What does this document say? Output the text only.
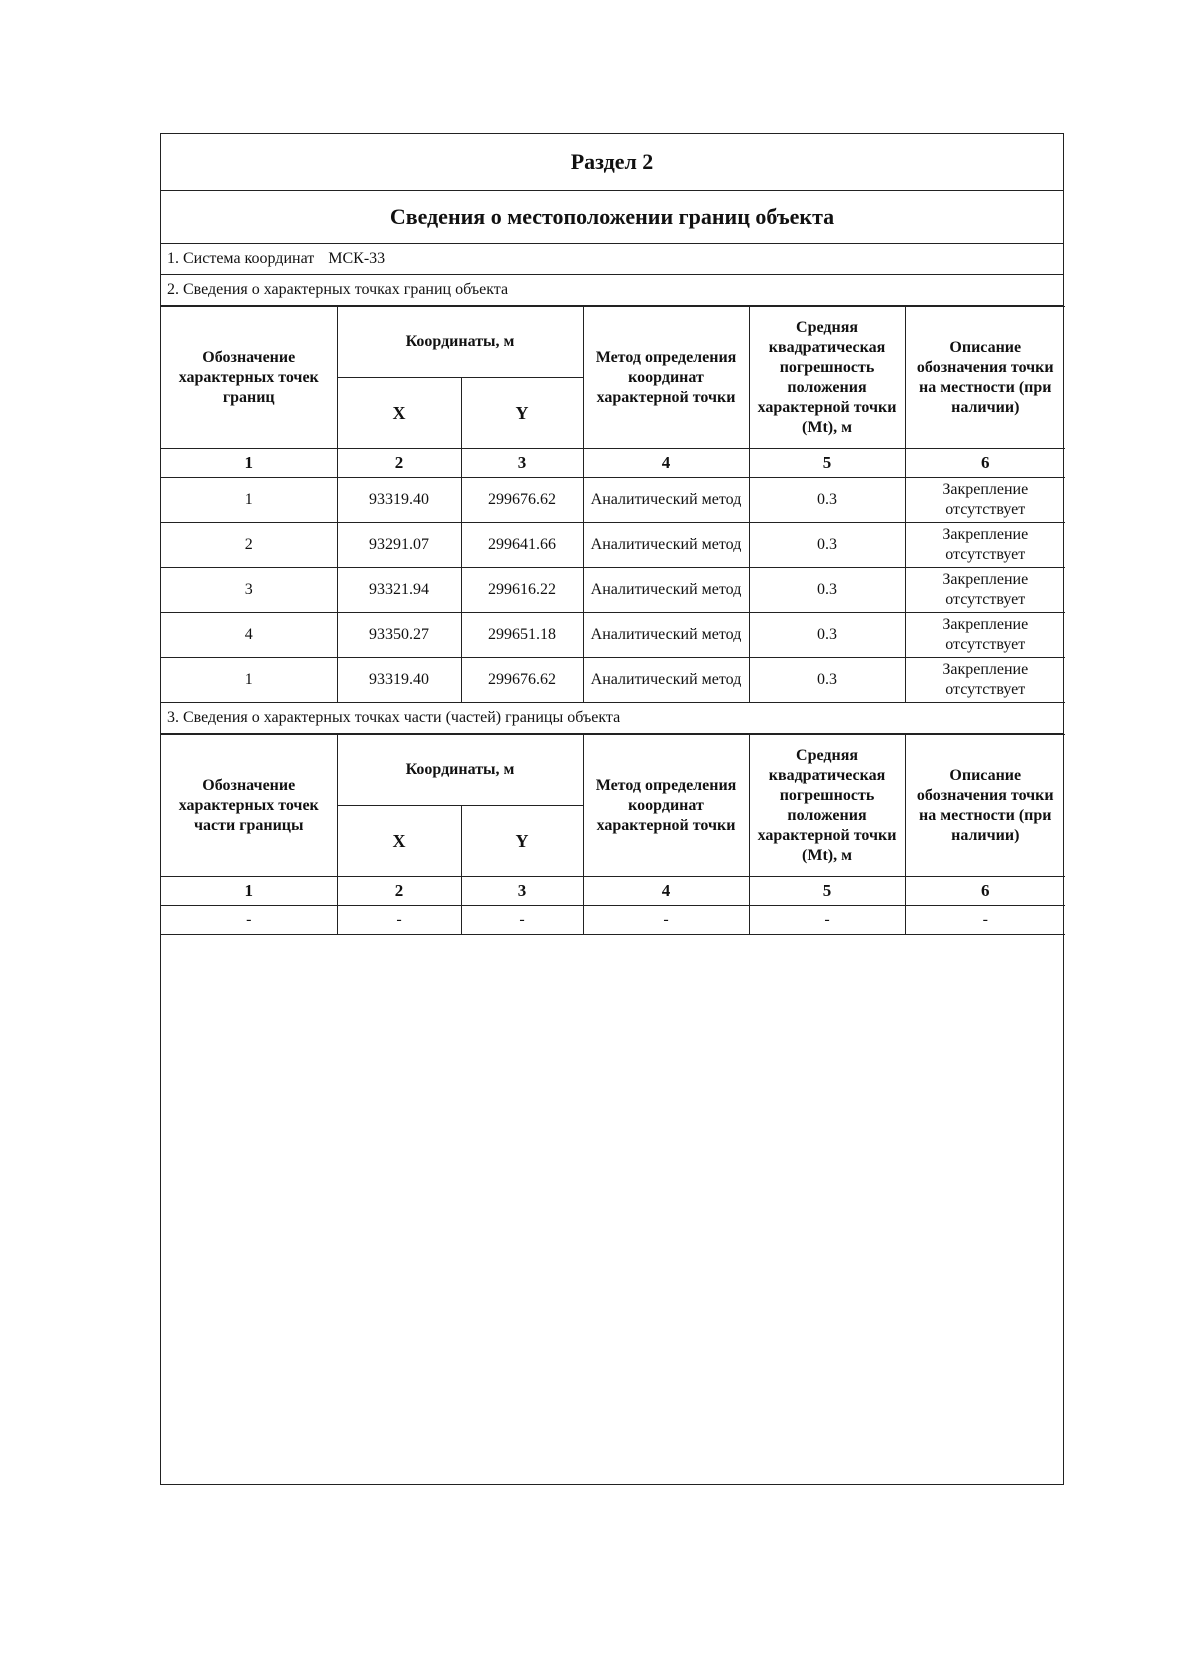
Раздел 2
Сведения о местоположении границ объекта
1. Система координат МСК-33
2. Сведения о характерных точках границ объекта
Обозначение характерных точек границ	Координаты, м		Метод определения координат характерной точки	Средняя квадратическая погрешность положения характерной точки (Mt), м	Описание обозначения точки на местности (при наличии)
	X	Y			
1	2	3	4	5	6
1	93319.40	299676.62	Аналитический метод	0.3	Закрепление отсутствует
2	93291.07	299641.66	Аналитический метод	0.3	Закрепление отсутствует
3	93321.94	299616.22	Аналитический метод	0.3	Закрепление отсутствует
4	93350.27	299651.18	Аналитический метод	0.3	Закрепление отсутствует
1	93319.40	299676.62	Аналитический метод	0.3	Закрепление отсутствует
3. Сведения о характерных точках части (частей) границы объекта
Обозначение характерных точек части границы	Координаты, м		Метод определения координат характерной точки	Средняя квадратическая погрешность положения характерной точки (Mt), м	Описание обозначения точки на местности (при наличии)
	X	Y			
1	2	3	4	5	6
-	-	-	-	-	-
